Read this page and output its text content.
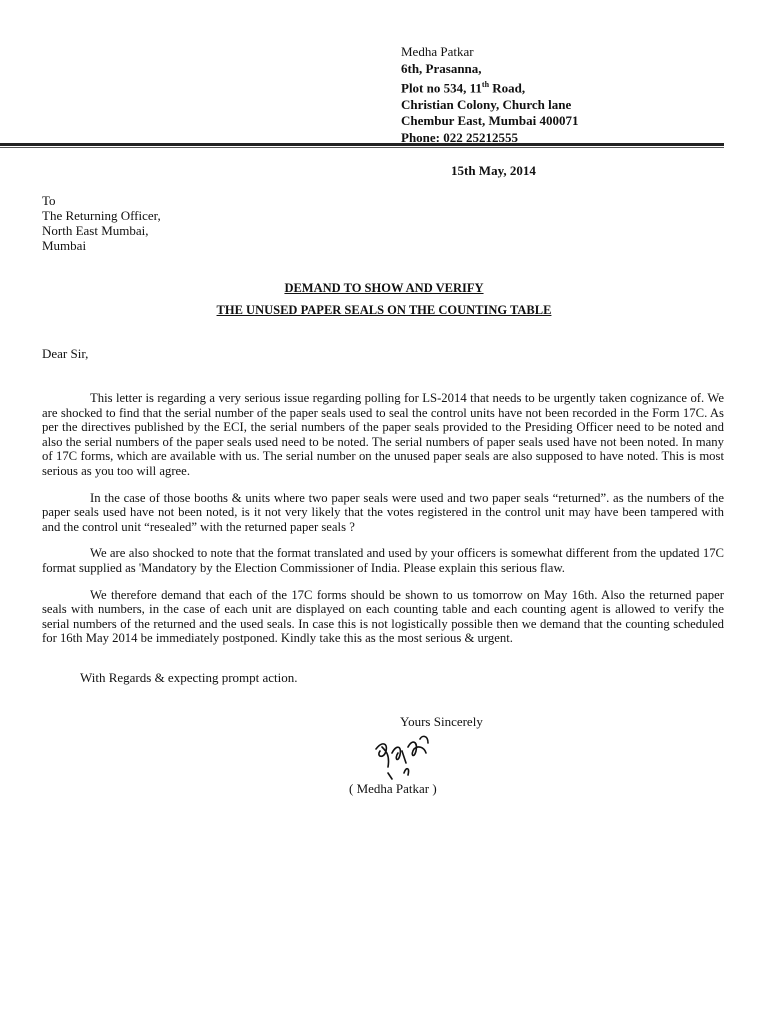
Medha Patkar
6th, Prasanna,
Plot no 534, 11th Road,
Christian Colony, Church lane
Chembur East, Mumbai 400071
Phone: 022 25212555
15th May, 2014
To
The Returning Officer,
North East Mumbai,
Mumbai
DEMAND TO SHOW AND VERIFY
THE UNUSED PAPER SEALS ON THE COUNTING TABLE
Dear Sir,

This letter is regarding a very serious issue regarding polling for LS-2014 that needs to be urgently taken cognizance of. We are shocked to find that the serial number of the paper seals used to seal the control units have not been recorded in the Form 17C. As per the directives published by the ECI, the serial numbers of the paper seals provided to the Presiding Officer need to be noted and also the serial numbers of the paper seals used need to be noted. The serial numbers of paper seals used have not been noted. In many of 17C forms, which are available with us. The serial number on the unused paper seals are also supposed to have noted. This is most serious as you too will agree.

In the case of those booths & units where two paper seals were used and two paper seals “returned”. as the numbers of the paper seals used have not been noted, is it not very likely that the votes registered in the control unit may have been tampered with and the control unit “resealed” with the returned paper seals ?

We are also shocked to note that the format translated and used by your officers is somewhat different from the updated 17C format supplied as 'Mandatory by the Election Commissioner of India. Please explain this serious flaw.

We therefore demand that each of the 17C forms should be shown to us tomorrow on May 16th. Also the returned paper seals with numbers, in the case of each unit are displayed on each counting table and each counting agent is allowed to verify the serial numbers of the returned and the used seals. In case this is not logistically possible then we demand that the counting scheduled for 16th May 2014 be immediately postponed. Kindly take this as the most serious & urgent.

With Regards & expecting prompt action.
Yours Sincerely
( Medha Patkar )
